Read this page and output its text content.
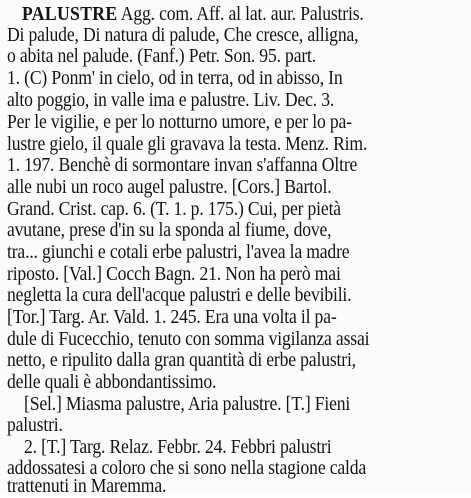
PALUSTRE Agg. com. Aff. al lat. aur. Palustris.
Di palude, Di natura di palude, Che cresce, alligna,
o abita nel palude. (Fanf.) Petr. Son. 95. part.
1. (C) Ponm' in cielo, od in terra, od in abisso, In
alto poggio, in valle ima e palustre. Liv. Dec. 3.
Per le vigilie, e per lo notturno umore, e per lo pa-
lustre gielo, il quale gli gravava la testa. Menz. Rim.
1. 197. Benchè di sormontare invan s'affanna Oltre
alle nubi un roco augel palustre. [Cors.] Bartol.
Grand. Crist. cap. 6. (T. 1. p. 175.) Cui, per pietà
avutane, prese d'in su la sponda al fiume, dove,
tra... giunchi e cotali erbe palustri, l'avea la madre
riposto. [Val.] Cocch Bagn. 21. Non ha però mai
negletta la cura dell'acque palustri e delle bevibili.
[Tor.] Targ. Ar. Vald. 1. 245. Era una volta il pa-
dule di Fucecchio, tenuto con somma vigilanza assai
netto, e ripulito dalla gran quantità di erbe palustri,
delle quali è abbondantissimo.
[Sel.] Miasma palustre, Aria palustre. [T.] Fieni
palustri.
2. [T.] Targ. Relaz. Febbr. 24. Febbri palustri
addossatesi a coloro che si sono nella stagione calda
trattenuti in Maremma.
